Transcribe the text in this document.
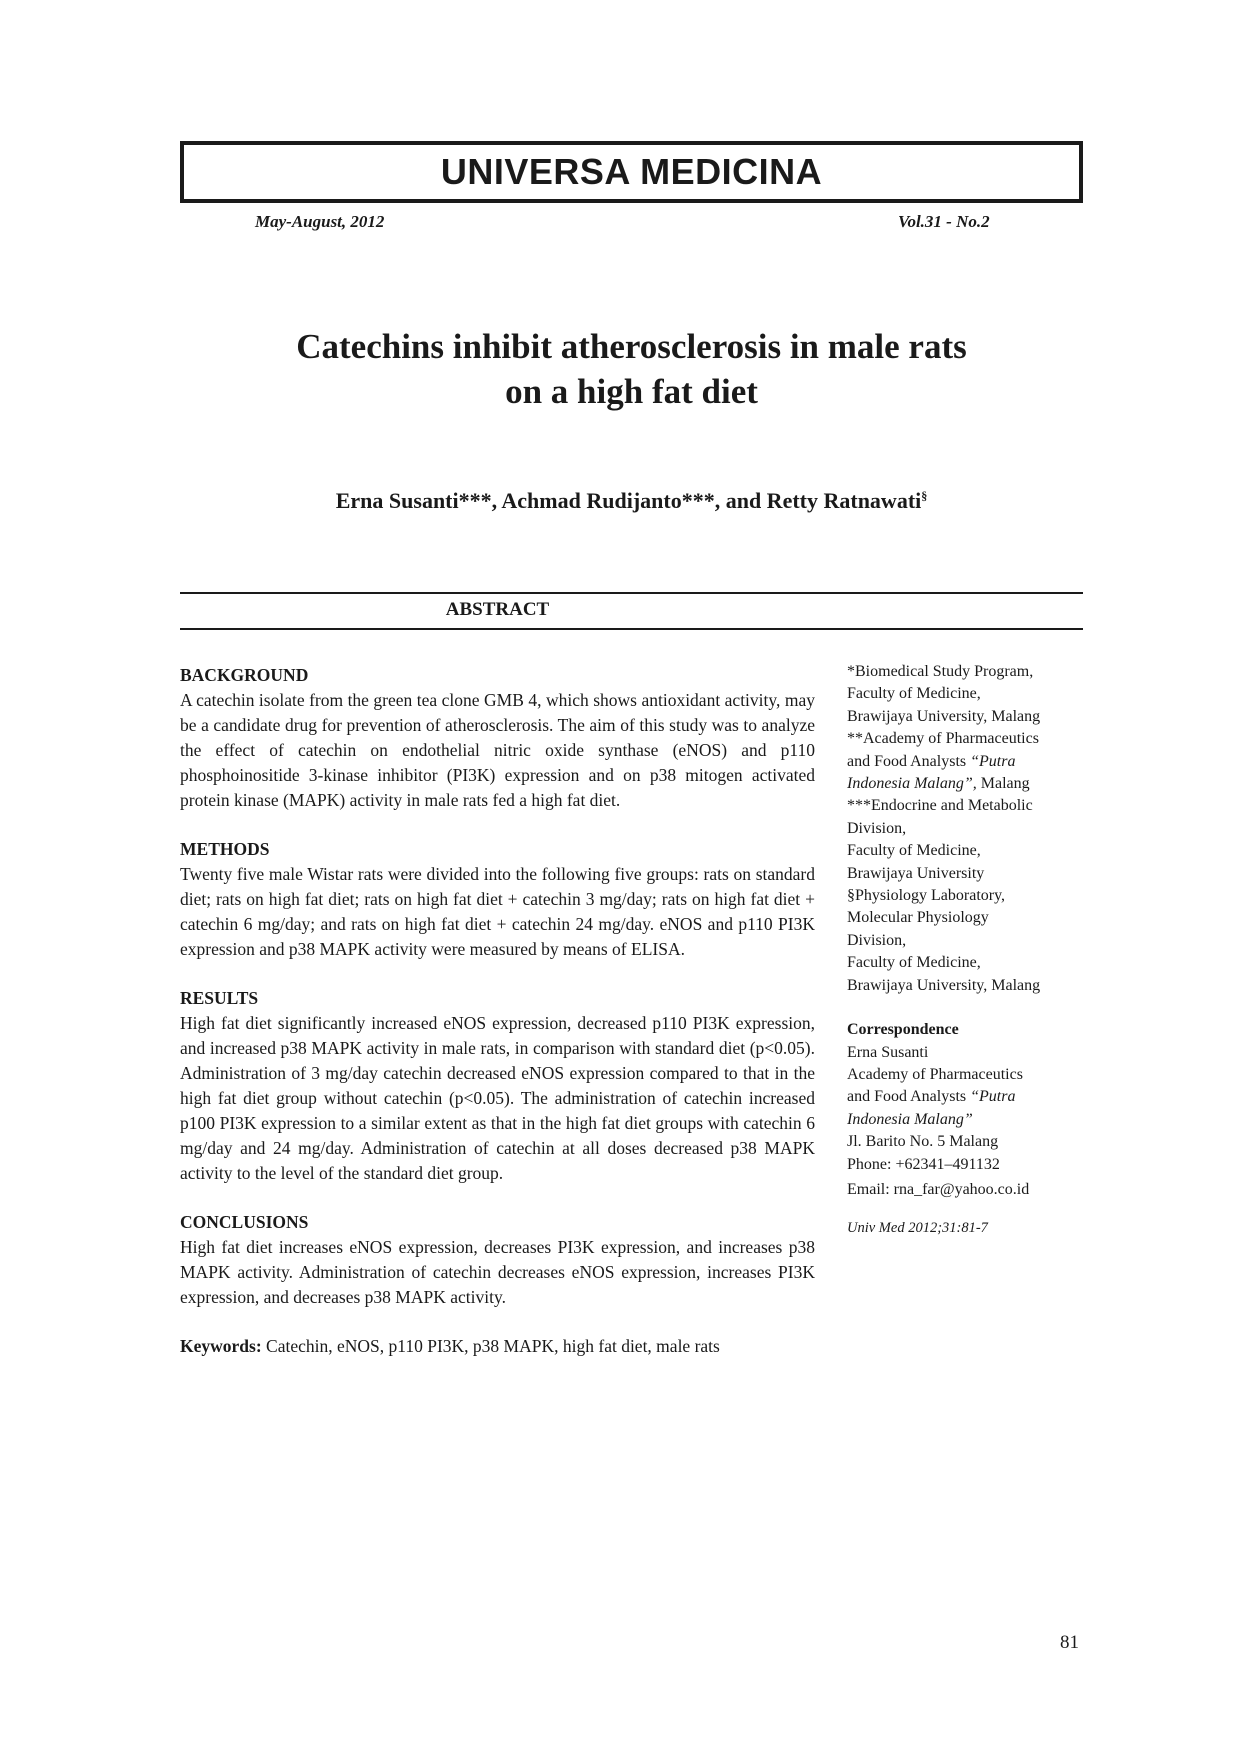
UNIVERSA MEDICINA
May-August, 2012	Vol.31 - No.2
Catechins inhibit atherosclerosis in male rats
on a high fat diet

Erna Susanti***, Achmad Rudijanto***, and Retty Ratnawati§

ABSTRACT

BACKGROUND

A catechin isolate from the green tea clone GMB 4, which shows antioxidant activity, may be a candidate drug for prevention of atherosclerosis. The aim of this study was to analyze the effect of catechin on endothelial nitric oxide synthase (eNOS) and p110 phosphoinositide 3-kinase inhibitor (PI3K) expression and on p38 mitogen activated protein kinase (MAPK) activity in male rats fed a high fat diet.

METHODS

Twenty five male Wistar rats were divided into the following five groups: rats on standard diet; rats on high fat diet; rats on high fat diet + catechin 3 mg/day; rats on high fat diet + catechin 6 mg/day; and rats on high fat diet + catechin 24 mg/day. eNOS and p110 PI3K expression and p38 MAPK activity were measured by means of ELISA.

RESULTS

High fat diet significantly increased eNOS expression, decreased p110 PI3K expression, and increased p38 MAPK activity in male rats, in comparison with standard diet (p<0.05). Administration of 3 mg/day catechin decreased eNOS expression compared to that in the high fat diet group without catechin (p<0.05). The administration of catechin increased p100 PI3K expression to a similar extent as that in the high fat diet groups with catechin 6 mg/day and 24 mg/day. Administration of catechin at all doses decreased p38 MAPK activity to the level of the standard diet group.

CONCLUSIONS

High fat diet increases eNOS expression, decreases PI3K expression, and increases p38 MAPK activity. Administration of catechin decreases eNOS expression, increases PI3K expression, and decreases p38 MAPK activity.

Keywords: Catechin, eNOS, p110 PI3K, p38 MAPK, high fat diet, male rats

*Biomedical Study Program,
Faculty of Medicine,
Brawijaya University, Malang
**Academy of Pharmaceutics
and Food Analysts “Putra
Indonesia Malang”, Malang
***Endocrine and Metabolic
Division,
Faculty of Medicine,
Brawijaya University
§Physiology Laboratory,
Molecular Physiology
Division,
Faculty of Medicine,
Brawijaya University, Malang

Correspondence

Erna Susanti
Academy of Pharmaceutics
and Food Analysts “Putra
Indonesia Malang”
Jl. Barito No. 5 Malang
Phone: +62341–491132

Email: rna_far@yahoo.co.id

Univ Med 2012;31:81-7

81
